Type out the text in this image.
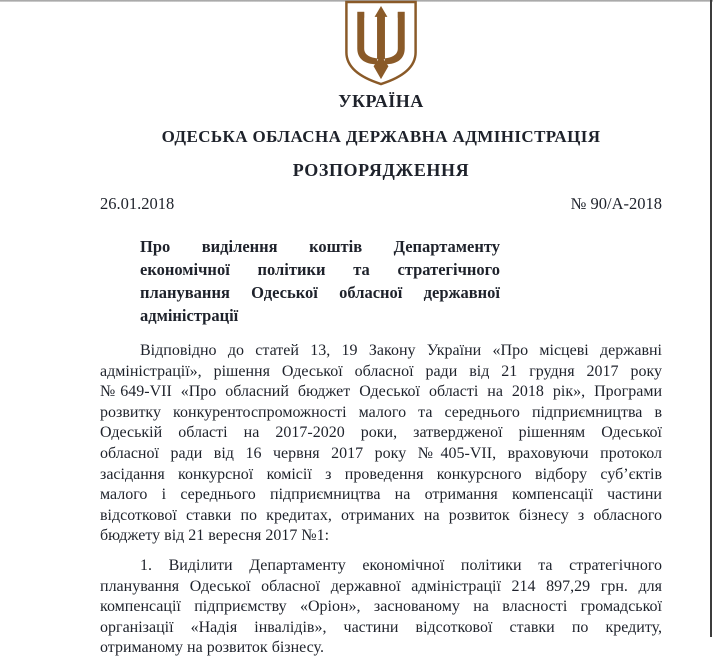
УКРАЇНА
ОДЕСЬКА ОБЛАСНА ДЕРЖАВНА АДМІНІСТРАЦІЯ
РОЗПОРЯДЖЕННЯ
26.01.2018	№ 90/А-2018
Про виділення коштів Департаменту
економічної політики та стратегічного
планування Одеської обласної державної
адміністрації
Відповідно до статей 13, 19 Закону України «Про місцеві державні
адміністрації», рішення Одеської обласної ради від 21 грудня 2017 року
№649-VII «Про обласний бюджет Одеської області на 2018 рік», Програми
розвитку конкурентоспроможності малого та середнього підприємництва в
Одеській області на 2017-2020 роки, затвердженої рішенням Одеської
обласної ради від 16 червня 2017 року №405-VII, враховуючи протокол
засідання конкурсної комісії з проведення конкурсного відбору суб’єктів
малого і середнього підприємництва на отримання компенсації частини
відсоткової ставки по кредитах, отриманих на розвиток бізнесу з обласного
бюджету від 21 вересня 2017 №1:
1. Виділити Департаменту економічної політики та стратегічного
планування Одеської обласної державної адміністрації 214 897,29 грн. для
компенсації підприємству «Оріон», заснованому на власності громадської
організації «Надія інвалідів», частини відсоткової ставки по кредиту,
отриманому на розвиток бізнесу.
